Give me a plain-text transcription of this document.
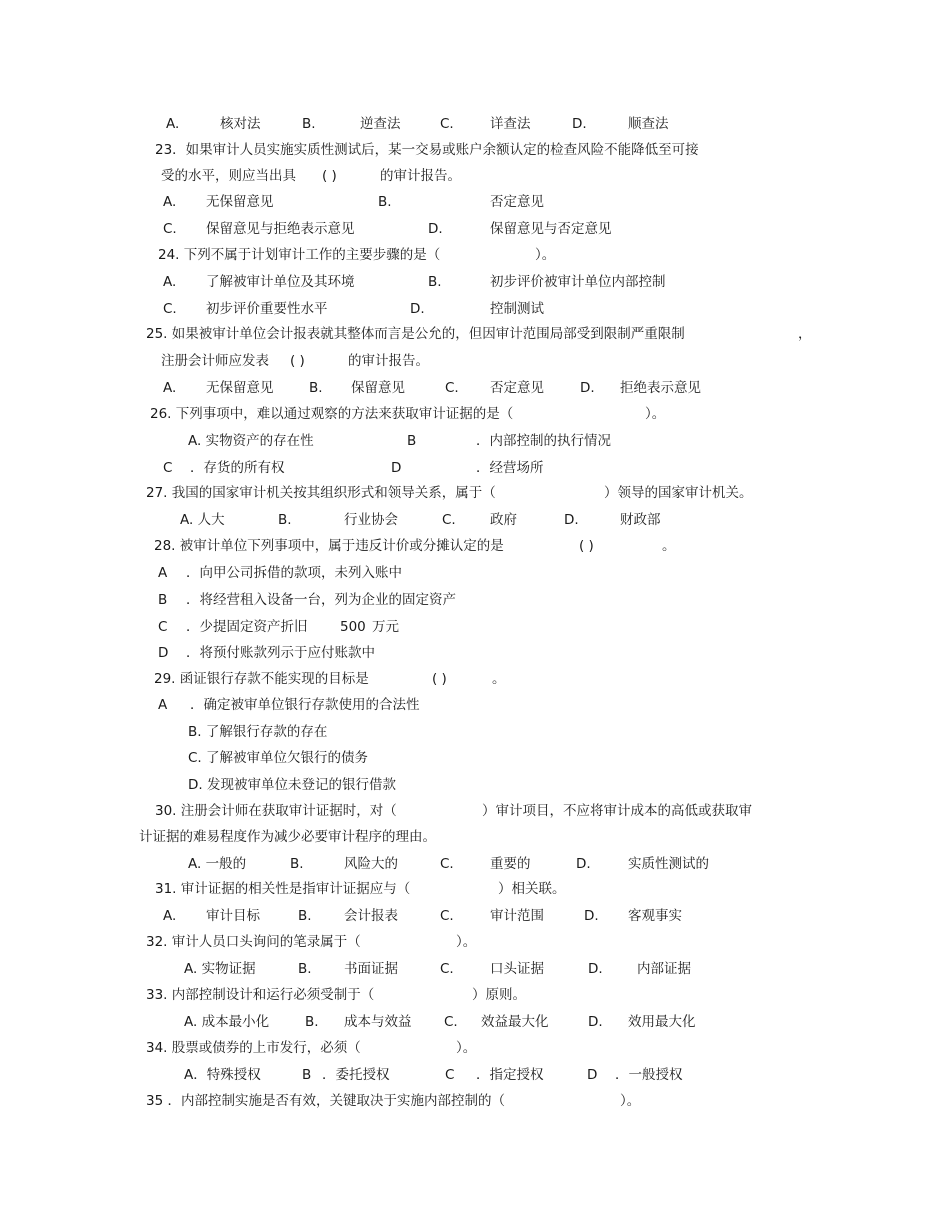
A.	核对法	B.	逆查法	C.	详查法	D.	顺查法
23．如果审计人员实施实质性测试后，某一交易或账户余额认定的检查风险不能降低至可接
受的水平，则应当出具 ( )	的审计报告。
A. 无保留意见	B.	否定意见
C. 保留意见与拒绝表示意见	D.	保留意见与否定意见
24. 下列不属于计划审计工作的主要步骤的是（	）。
A. 了解被审计单位及其环境	B.	初步评价被审计单位内部控制
C. 初步评价重要性水平	D.	控制测试
25. 如果被审计单位会计报表就其整体而言是公允的，但因审计范围局部受到限制严重限制	，
注册会计师应发表 ( )	的审计报告。
A. 无保留意见	B. 保留意见	C. 否定意见	D. 拒绝表示意见
26. 下列事项中，难以通过观察的方法来获取审计证据的是（	）。
A. 实物资产的存在性	B	．内部控制的执行情况
C ．存货的所有权	D	．经营场所
27. 我国的国家审计机关按其组织形式和领导关系，属于（	）领导的国家审计机关。
A. 人大	B.	行业协会	C.	政府	D.	财政部
28. 被审计单位下列事项中，属于违反计价或分摊认定的是	( )	。
A ．向甲公司拆借的款项，未列入账中
B ．将经营租入设备一台，列为企业的固定资产
C ．少提固定资产折旧 500 万元
D ．将预付账款列示于应付账款中
29. 函证银行存款不能实现的目标是	( )	。
A ．确定被审单位银行存款使用的合法性
B. 了解银行存款的存在
C. 了解被审单位欠银行的债务
D. 发现被审单位未登记的银行借款
30. 注册会计师在获取审计证据时，对（	）审计项目，不应将审计成本的高低或获取审
计证据的难易程度作为减少必要审计程序的理由。
A. 一般的	B.	风险大的	C.	重要的	D.	实质性测试的
31. 审计证据的相关性是指审计证据应与（	）相关联。
A. 审计目标	B. 会计报表	C.	审计范围	D. 客观事实
32. 审计人员口头询问的笔录属于（	）。
A. 实物证据	B. 书面证据	C.	口头证据	D.	内部证据
33. 内部控制设计和运行必须受制于（	）原则。
A. 成本最小化	B. 成本与效益 C. 效益最大化	D. 效用最大化
34. 股票或债券的上市发行，必须（	）。
A．特殊授权	B ．委托授权	C ．指定授权	D ．一般授权
35 ．内部控制实施是否有效，关键取决于实施内部控制的（	）。
